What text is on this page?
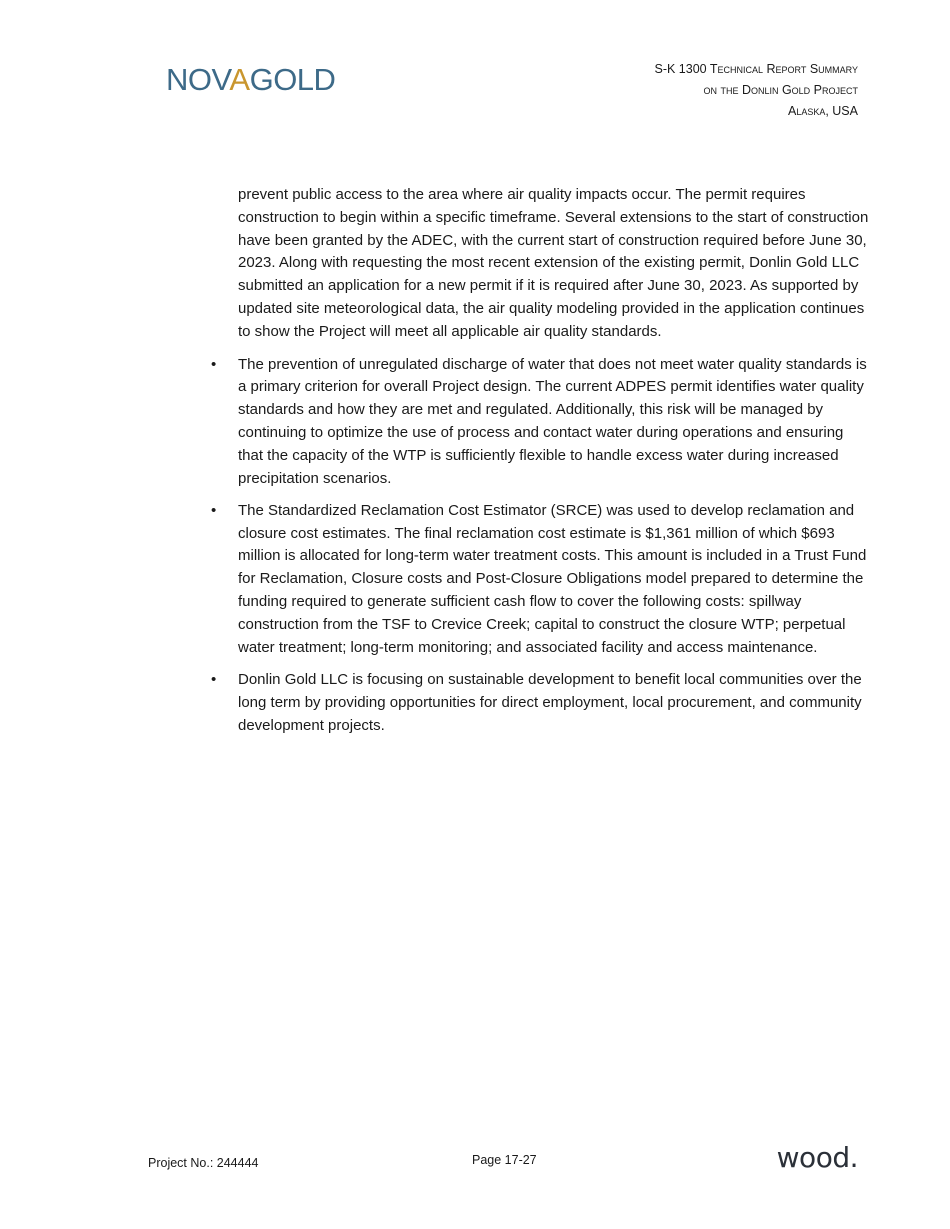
NOVAGOLD	S-K 1300 Technical Report Summary
on the Donlin Gold Project
Alaska, USA

prevent public access to the area where air quality impacts occur. The permit requires construction to begin within a specific timeframe. Several extensions to the start of construction have been granted by the ADEC, with the current start of construction required before June 30, 2023. Along with requesting the most recent extension of the existing permit, Donlin Gold LLC submitted an application for a new permit if it is required after June 30, 2023. As supported by updated site meteorological data, the air quality modeling provided in the application continues to show the Project will meet all applicable air quality standards.

• The prevention of unregulated discharge of water that does not meet water quality standards is a primary criterion for overall Project design. The current ADPES permit identifies water quality standards and how they are met and regulated. Additionally, this risk will be managed by continuing to optimize the use of process and contact water during operations and ensuring that the capacity of the WTP is sufficiently flexible to handle excess water during increased precipitation scenarios.
• The Standardized Reclamation Cost Estimator (SRCE) was used to develop reclamation and closure cost estimates. The final reclamation cost estimate is $1,361 million of which $693 million is allocated for long-term water treatment costs. This amount is included in a Trust Fund for Reclamation, Closure costs and Post-Closure Obligations model prepared to determine the funding required to generate sufficient cash flow to cover the following costs: spillway construction from the TSF to Crevice Creek; capital to construct the closure WTP; perpetual water treatment; long-term monitoring; and associated facility and access maintenance.
• Donlin Gold LLC is focusing on sustainable development to benefit local communities over the long term by providing opportunities for direct employment, local procurement, and community development projects.
Project No.: 244444	Page 17-27	wood.
